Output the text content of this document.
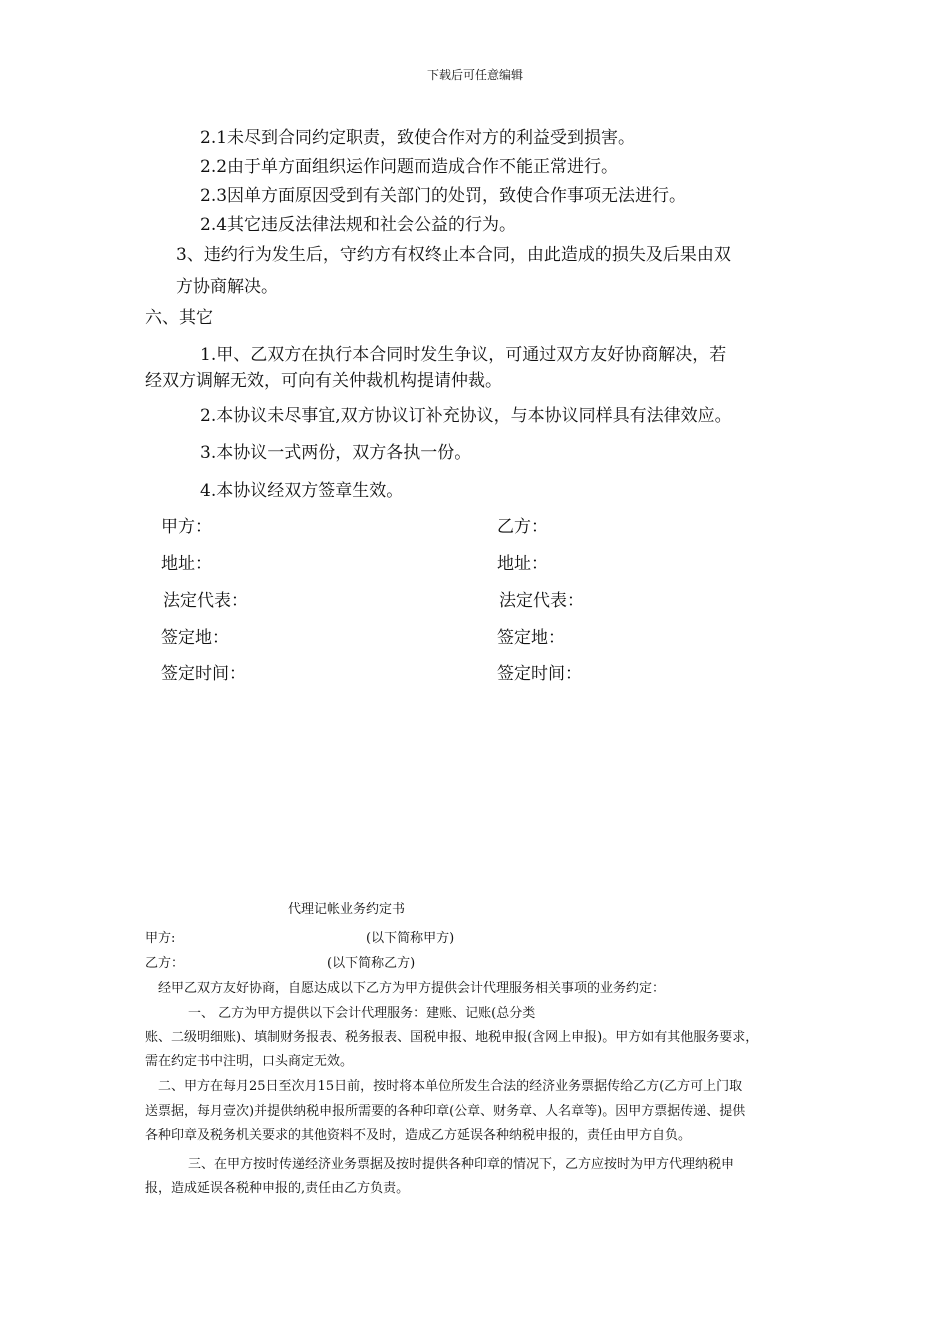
下载后可任意编辑
2.1未尽到合同约定职责，致使合作对方的利益受到损害。
2.2由于单方面组织运作问题而造成合作不能正常进行。
2.3因单方面原因受到有关部门的处罚，致使合作事项无法进行。
2.4其它违反法律法规和社会公益的行为。
3、违约行为发生后，守约方有权终止本合同，由此造成的损失及后果由双
方协商解决。
六、其它
1.甲、乙双方在执行本合同时发生争议，可通过双方友好协商解决，若
经双方调解无效，可向有关仲裁机构提请仲裁。
2.本协议未尽事宜,双方协议订补充协议，与本协议同样具有法律效应。
3.本协议一式两份，双方各执一份。
4.本协议经双方签章生效。
甲方：
地址：
法定代表：
签定地：
签定时间：
乙方：
地址：
法定代表：
签定地：
签定时间：
代理记帐业务约定书
甲方:	(以下简称甲方)
乙方：	(以下简称乙方)
经甲乙双方友好协商，自愿达成以下乙方为甲方提供会计代理服务相关事项的业务约定：
一、 乙方为甲方提供以下会计代理服务：建账、记账(总分类
账、二级明细账)、填制财务报表、税务报表、国税申报、地税申报(含网上申报)。甲方如有其他服务要求，
需在约定书中注明，口头商定无效。
二、甲方在每月25日至次月15日前，按时将本单位所发生合法的经济业务票据传给乙方(乙方可上门取
送票据，每月壹次)并提供纳税申报所需要的各种印章(公章、财务章、人名章等)。因甲方票据传递、提供
各种印章及税务机关要求的其他资料不及时，造成乙方延误各种纳税申报的，责任由甲方自负。
三、在甲方按时传递经济业务票据及按时提供各种印章的情况下，乙方应按时为甲方代理纳税申
报，造成延误各税种申报的,责任由乙方负责。
